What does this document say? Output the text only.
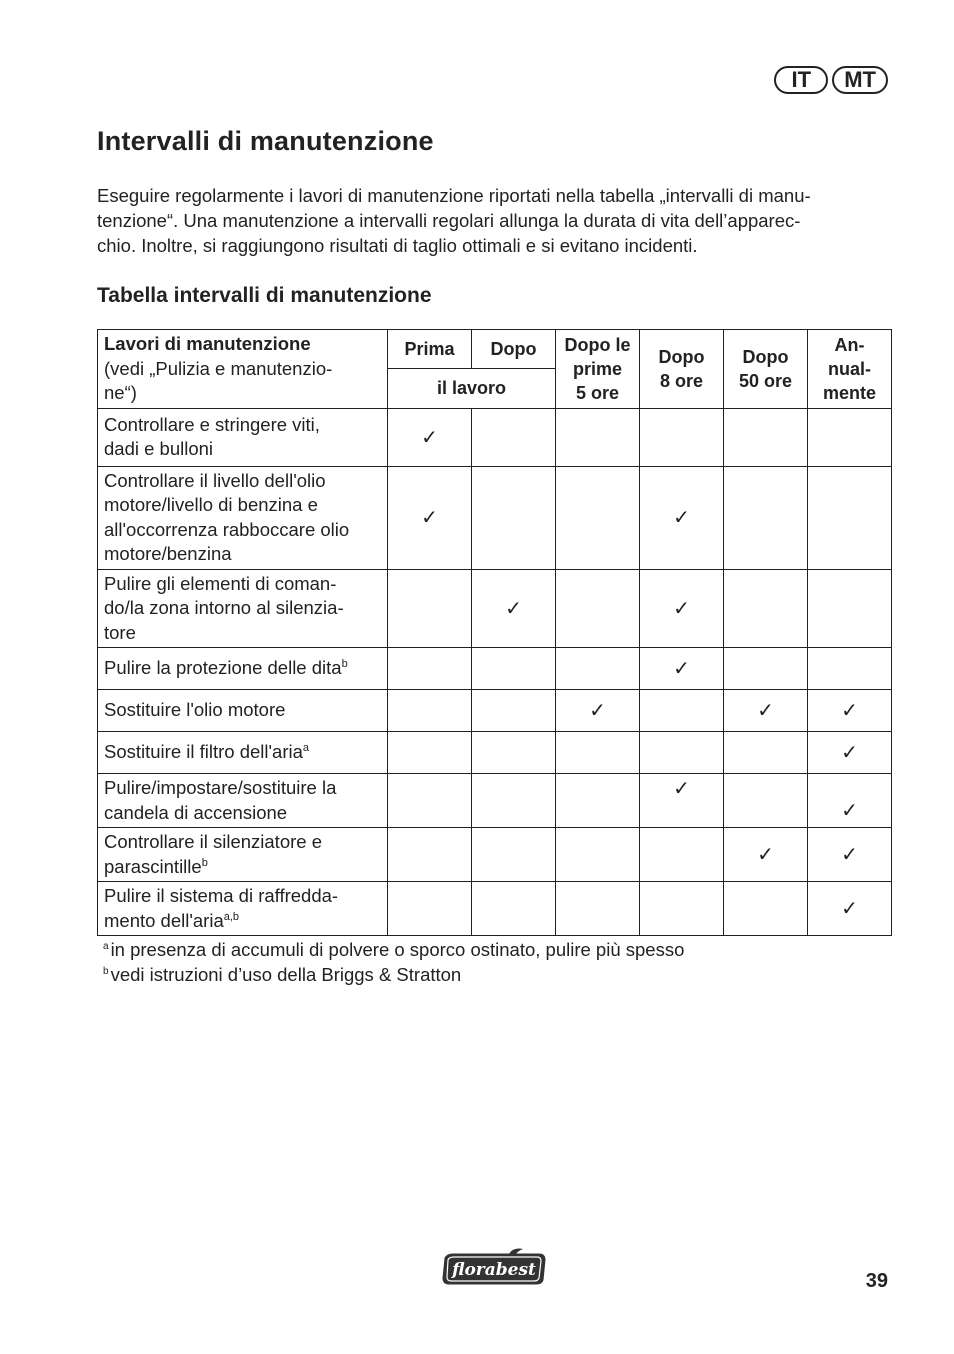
IT	MT
Intervalli di manutenzione

Eseguire regolarmente i lavori di manutenzione riportati nella tabella „intervalli di manu-
tenzione“. Una manutenzione a intervalli regolari allunga la durata di vita dell’apparec-
chio. Inoltre, si raggiungono risultati di taglio ottimali e si evitano incidenti.

Tabella intervalli di manutenzione
Lavori di manutenzione
(vedi „Pulizia e manutenzio-
ne“)	Prima	Dopo	Dopo le
prime
5 ore	Dopo
8 ore	Dopo
50 ore	An-
nual-
mente
	il lavoro					
Controllare e stringere viti,
dadi e bulloni	✓					
Controllare il livello dell'olio
motore/livello di benzina e
all'occorrenza rabboccare olio
motore/benzina	✓			✓		
Pulire gli elementi di coman-
do/la zona intorno al silenzia-
tore		✓		✓		
Pulire la protezione delle dita$^b$				✓		
Sostituire l'olio motore			✓		✓	✓
Sostituire il filtro dell'aria$^a$						✓
Pulire/impostare/sostituire la
candela di accensione				✓		✓
Controllare il silenziatore e
parascintille$^b$					✓	✓
Pulire il sistema di raffredda-
mento dell'aria$^{a,b}$						✓
$^a$ in presenza di accumuli di polvere o sporco ostinato, pulire più spesso
$^b$ vedi istruzioni d’uso della Briggs & Stratton
florabest	39
